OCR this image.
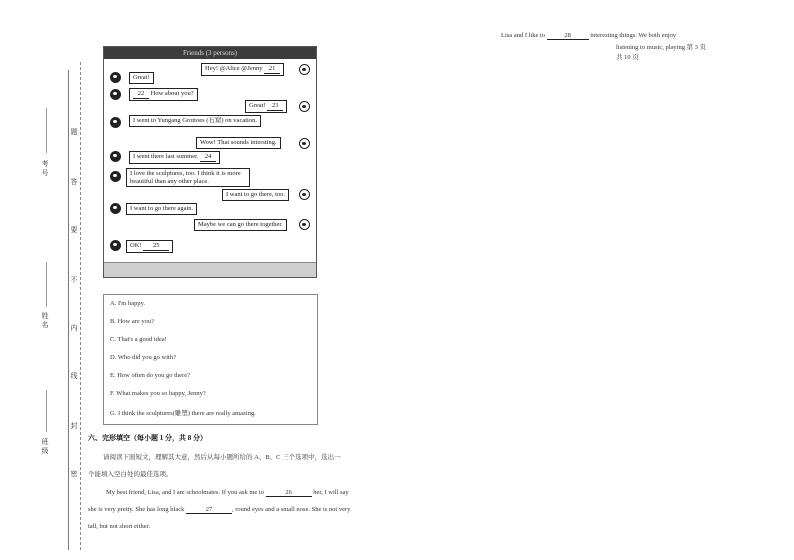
考 号
姓 名
班 级
题
答
要
不
内
线
封
密
Friends (3 persons)
Hey! @Alice @Jenny 21
Great!
22 How about you?
Great! 23
I went to Yungang Grottoes (石窟) on vacation.
Wow! That sounds intersting.
I went there last summer. 24
I love the sculptures, too. I think it is more beautiful than any other place.
I want to go there, too.
I want to go there again.
Maybe we can go there together.
OK! 25
A. I'm happy.
B. How are you?
C. That's a good idea!
D. Who did you go with?
E. How often do you go there?
F. What makes you so happy, Jenny?
G. I think the sculptures(雕塑) there are really amazing.
六、完形填空（每小题 1 分，共 8 分）
请阅读下面短文，理解其大意，然后从每小题所给的 A、B、C 三个选项中，选出一
个能填入空白处的最佳选项。
My best friend, Lisa, and I are schoolmates. If you ask me to	26	her, I will say
she is very pretty. She has long black	27	, round eyes and a small nose. She is not very
tall, but not short either.
Lisa and I like to	28	interesting things. We both enjoy
listening to music, playing 第 3 页
共 10 页
